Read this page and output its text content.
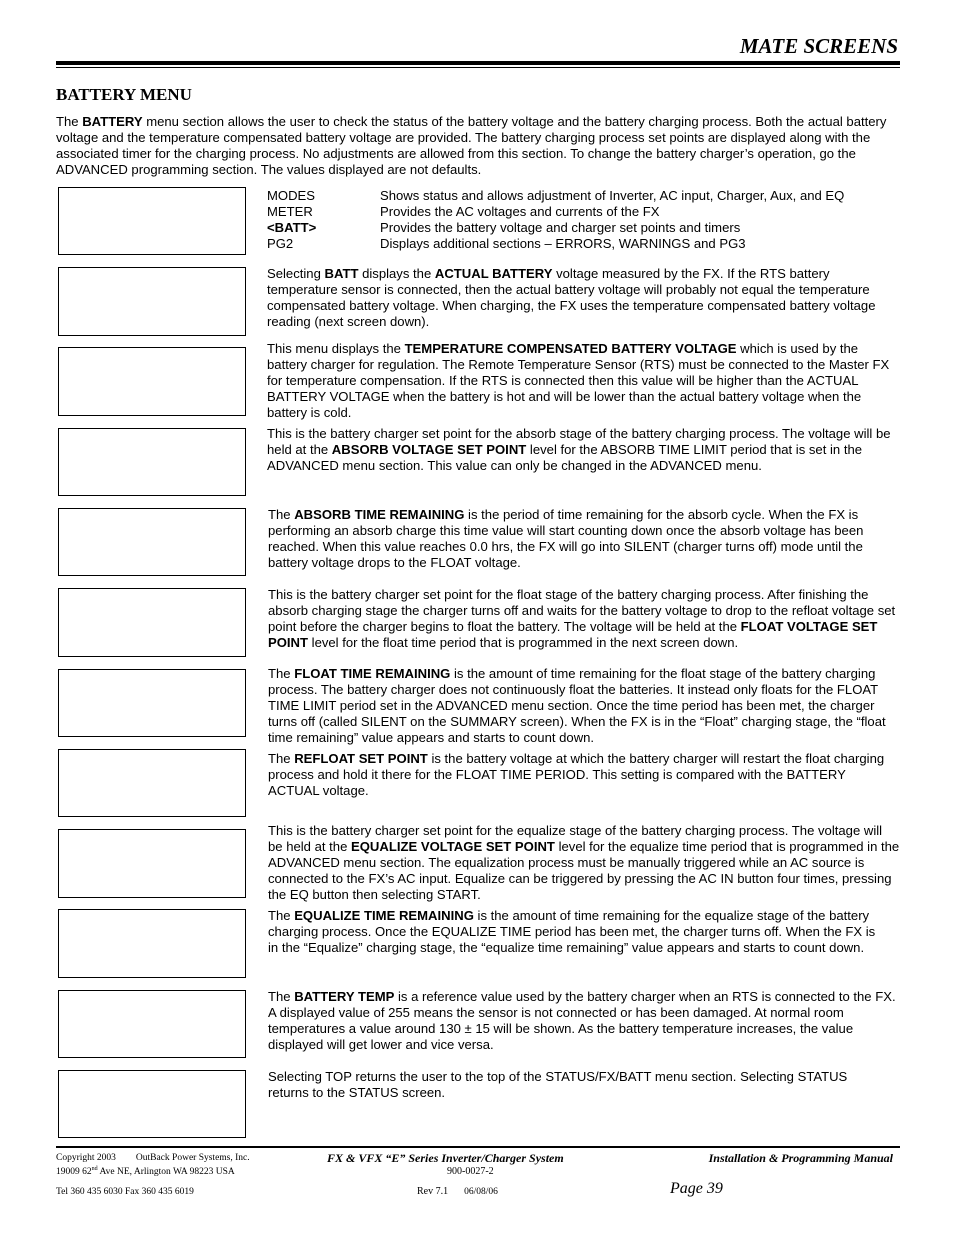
MATE SCREENS
BATTERY MENU
The BATTERY menu section allows the user to check the status of the battery voltage and the battery charging process. Both the actual battery voltage and the temperature compensated battery voltage are provided. The battery charging process set points are displayed along with the associated timer for the charging process. No adjustments are allowed from this section. To change the battery charger’s operation, go the ADVANCED programming section. The values displayed are not defaults.
MODES	Shows status and allows adjustment of Inverter, AC input, Charger, Aux, and EQ
METER	Provides the AC voltages and currents of the FX
<BATT>	Provides the battery voltage and charger set points and timers
PG2	Displays additional sections – ERRORS, WARNINGS and PG3
Selecting BATT displays the ACTUAL BATTERY voltage measured by the FX. If the RTS battery temperature sensor is connected, then the actual battery voltage will probably not equal the temperature compensated battery voltage. When charging, the FX uses the temperature compensated battery voltage reading (next screen down).
This menu displays the TEMPERATURE COMPENSATED BATTERY VOLTAGE which is used by the battery charger for regulation. The Remote Temperature Sensor (RTS) must be connected to the Master FX for temperature compensation. If the RTS is connected then this value will be higher than the ACTUAL BATTERY VOLTAGE when the battery is hot and will be lower than the actual battery voltage when the battery is cold.
This is the battery charger set point for the absorb stage of the battery charging process. The voltage will be held at the ABSORB VOLTAGE SET POINT level for the ABSORB TIME LIMIT period that is set in the ADVANCED menu section. This value can only be changed in the ADVANCED menu.
The ABSORB TIME REMAINING is the period of time remaining for the absorb cycle. When the FX is performing an absorb charge this time value will start counting down once the absorb voltage has been reached. When this value reaches 0.0 hrs, the FX will go into SILENT (charger turns off) mode until the battery voltage drops to the FLOAT voltage.
This is the battery charger set point for the float stage of the battery charging process. After finishing the absorb charging stage the charger turns off and waits for the battery voltage to drop to the refloat voltage set point before the charger begins to float the battery. The voltage will be held at the FLOAT VOLTAGE SET POINT level for the float time period that is programmed in the next screen down.
The FLOAT TIME REMAINING is the amount of time remaining for the float stage of the battery charging process. The battery charger does not continuously float the batteries. It instead only floats for the FLOAT TIME LIMIT period set in the ADVANCED menu section. Once the time period has been met, the charger turns off (called SILENT on the SUMMARY screen). When the FX is in the “Float” charging stage, the “float time remaining” value appears and starts to count down.
The REFLOAT SET POINT is the battery voltage at which the battery charger will restart the float charging process and hold it there for the FLOAT TIME PERIOD. This setting is compared with the BATTERY ACTUAL voltage.
This is the battery charger set point for the equalize stage of the battery charging process. The voltage will be held at the EQUALIZE VOLTAGE SET POINT level for the equalize time period that is programmed in the ADVANCED menu section. The equalization process must be manually triggered while an AC source is connected to the FX’s AC input. Equalize can be triggered by pressing the AC IN button four times, pressing the EQ button then selecting START.
The EQUALIZE TIME REMAINING is the amount of time remaining for the equalize stage of the battery charging process. Once the EQUALIZE TIME period has been met, the charger turns off. When the FX is in the “Equalize” charging stage, the “equalize time remaining” value appears and starts to count down.
The BATTERY TEMP is a reference value used by the battery charger when an RTS is connected to the FX. A displayed value of 255 means the sensor is not connected or has been damaged. At normal room temperatures a value around 130 ± 15 will be shown. As the battery temperature increases, the value displayed will get lower and vice versa.
Selecting TOP returns the user to the top of the STATUS/FX/BATT menu section. Selecting STATUS returns to the STATUS screen.
Copyright 2003 OutBack Power Systems, Inc.
19009 62nd Ave NE, Arlington WA 98223 USA
Tel 360 435 6030 Fax 360 435 6019
FX & VFX “E” Series Inverter/Charger System
900-0027-2
Rev 7.1 06/08/06
Installation & Programming Manual
Page 39
